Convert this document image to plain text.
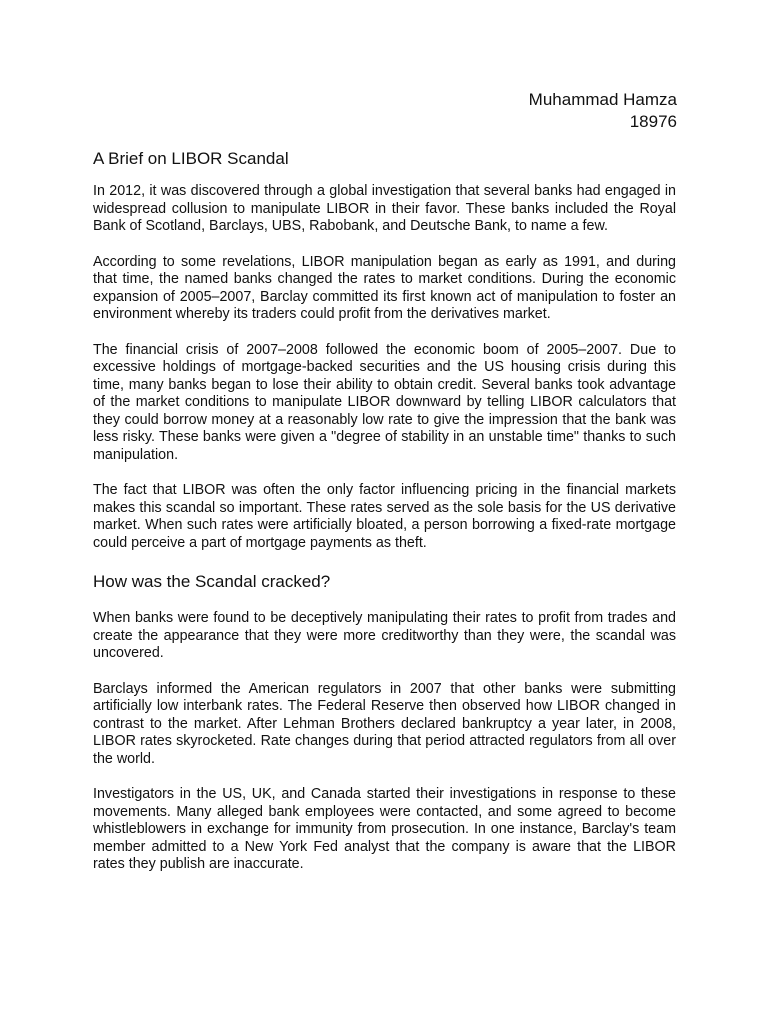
Muhammad Hamza
18976
A Brief on LIBOR Scandal

In 2012, it was discovered through a global investigation that several banks had engaged in widespread collusion to manipulate LIBOR in their favor. These banks included the Royal Bank of Scotland, Barclays, UBS, Rabobank, and Deutsche Bank, to name a few.

According to some revelations, LIBOR manipulation began as early as 1991, and during that time, the named banks changed the rates to market conditions. During the economic expansion of 2005–2007, Barclay committed its first known act of manipulation to foster an environment whereby its traders could profit from the derivatives market.

The financial crisis of 2007–2008 followed the economic boom of 2005–2007. Due to excessive holdings of mortgage-backed securities and the US housing crisis during this time, many banks began to lose their ability to obtain credit. Several banks took advantage of the market conditions to manipulate LIBOR downward by telling LIBOR calculators that they could borrow money at a reasonably low rate to give the impression that the bank was less risky. These banks were given a "degree of stability in an unstable time" thanks to such manipulation.

The fact that LIBOR was often the only factor influencing pricing in the financial markets makes this scandal so important. These rates served as the sole basis for the US derivative market. When such rates were artificially bloated, a person borrowing a fixed-rate mortgage could perceive a part of mortgage payments as theft.

How was the Scandal cracked?

When banks were found to be deceptively manipulating their rates to profit from trades and create the appearance that they were more creditworthy than they were, the scandal was uncovered.

Barclays informed the American regulators in 2007 that other banks were submitting artificially low interbank rates. The Federal Reserve then observed how LIBOR changed in contrast to the market. After Lehman Brothers declared bankruptcy a year later, in 2008, LIBOR rates skyrocketed. Rate changes during that period attracted regulators from all over the world.

Investigators in the US, UK, and Canada started their investigations in response to these movements. Many alleged bank employees were contacted, and some agreed to become whistleblowers in exchange for immunity from prosecution. In one instance, Barclay's team member admitted to a New York Fed analyst that the company is aware that the LIBOR rates they publish are inaccurate.
